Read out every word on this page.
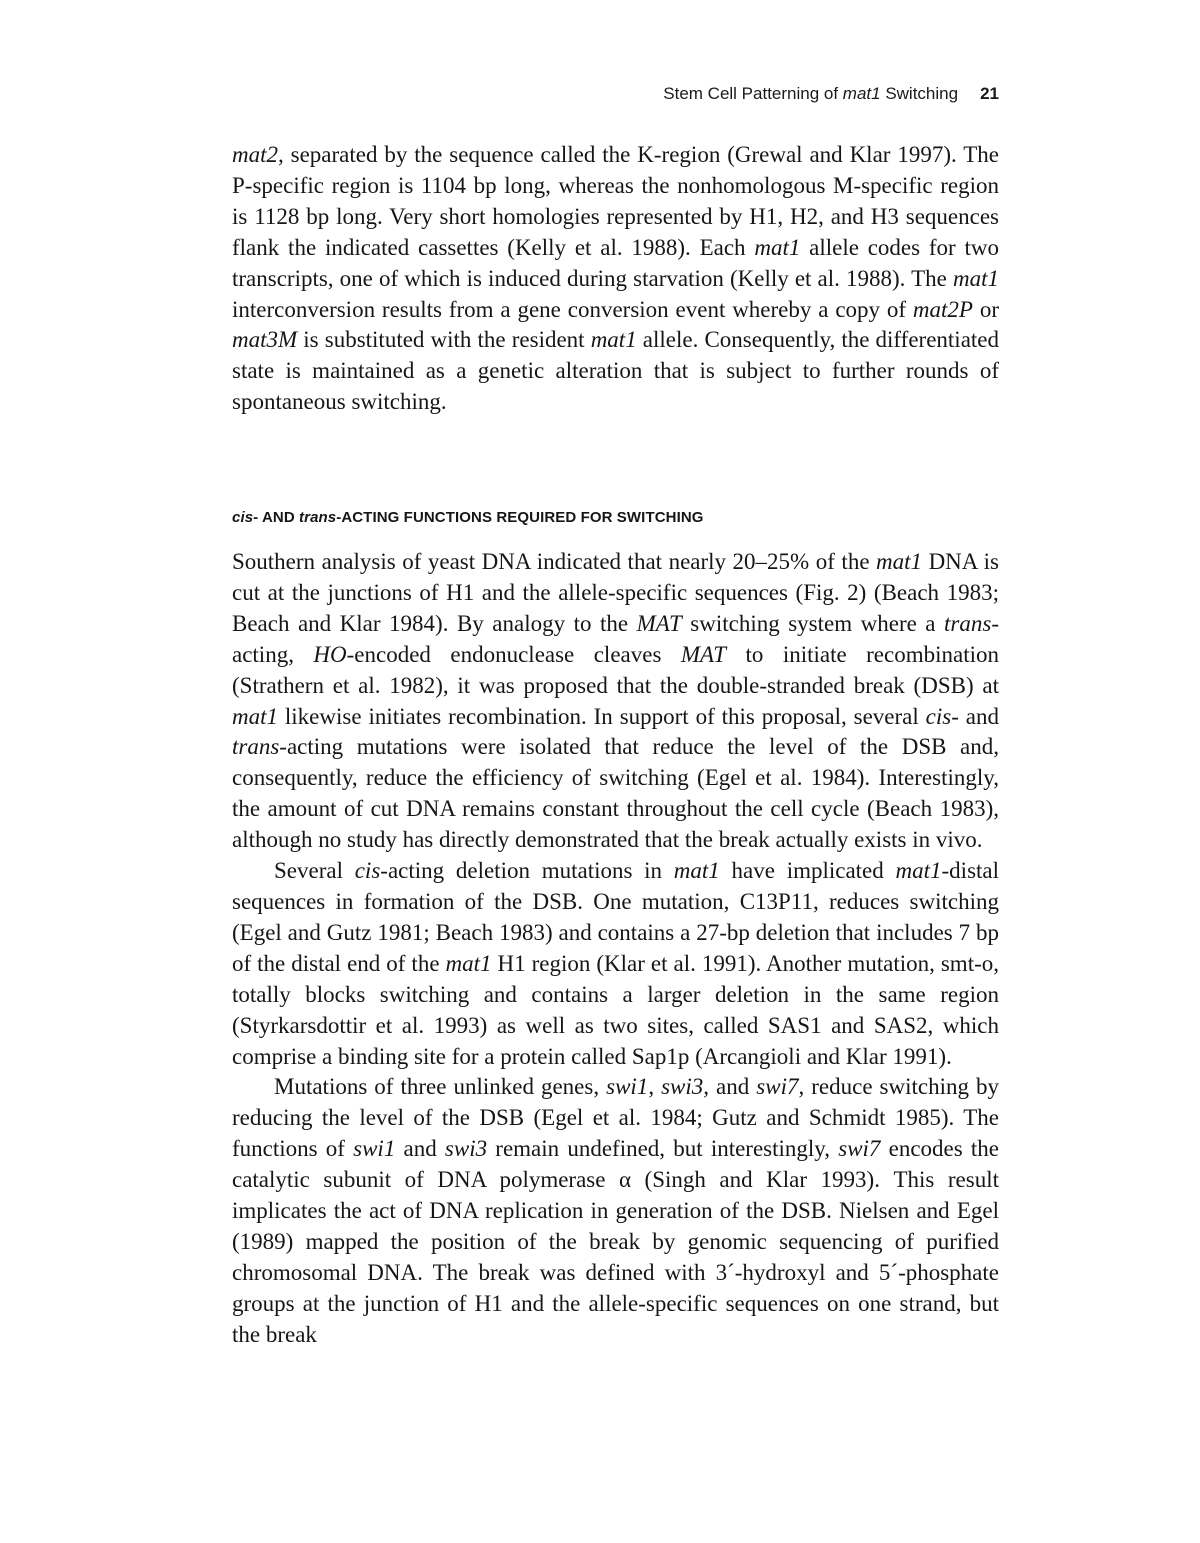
Stem Cell Patterning of mat1 Switching 21

mat2, separated by the sequence called the K-region (Grewal and Klar 1997). The P-specific region is 1104 bp long, whereas the nonhomologous M-specific region is 1128 bp long. Very short homologies represented by H1, H2, and H3 sequences flank the indicated cassettes (Kelly et al. 1988). Each mat1 allele codes for two transcripts, one of which is induced during starvation (Kelly et al. 1988). The mat1 interconversion results from a gene conversion event whereby a copy of mat2P or mat3M is substituted with the resident mat1 allele. Consequently, the differentiated state is maintained as a genetic alteration that is subject to further rounds of spontaneous switching.

cis- AND trans-ACTING FUNCTIONS REQUIRED FOR SWITCHING

Southern analysis of yeast DNA indicated that nearly 20–25% of the mat1 DNA is cut at the junctions of H1 and the allele-specific sequences (Fig. 2) (Beach 1983; Beach and Klar 1984). By analogy to the MAT switching system where a trans-acting, HO-encoded endonuclease cleaves MAT to initiate recombination (Strathern et al. 1982), it was proposed that the double-stranded break (DSB) at mat1 likewise initiates recombination. In support of this proposal, several cis- and trans-acting mutations were isolated that reduce the level of the DSB and, consequently, reduce the efficiency of switching (Egel et al. 1984). Interestingly, the amount of cut DNA remains constant throughout the cell cycle (Beach 1983), although no study has directly demonstrated that the break actually exists in vivo.

Several cis-acting deletion mutations in mat1 have implicated mat1-distal sequences in formation of the DSB. One mutation, C13P11, reduces switching (Egel and Gutz 1981; Beach 1983) and contains a 27-bp deletion that includes 7 bp of the distal end of the mat1 H1 region (Klar et al. 1991). Another mutation, smt-o, totally blocks switching and contains a larger deletion in the same region (Styrkarsdottir et al. 1993) as well as two sites, called SAS1 and SAS2, which comprise a binding site for a protein called Sap1p (Arcangioli and Klar 1991).

Mutations of three unlinked genes, swi1, swi3, and swi7, reduce switching by reducing the level of the DSB (Egel et al. 1984; Gutz and Schmidt 1985). The functions of swi1 and swi3 remain undefined, but interestingly, swi7 encodes the catalytic subunit of DNA polymerase α (Singh and Klar 1993). This result implicates the act of DNA replication in generation of the DSB. Nielsen and Egel (1989) mapped the position of the break by genomic sequencing of purified chromosomal DNA. The break was defined with 3´-hydroxyl and 5´-phosphate groups at the junction of H1 and the allele-specific sequences on one strand, but the break
